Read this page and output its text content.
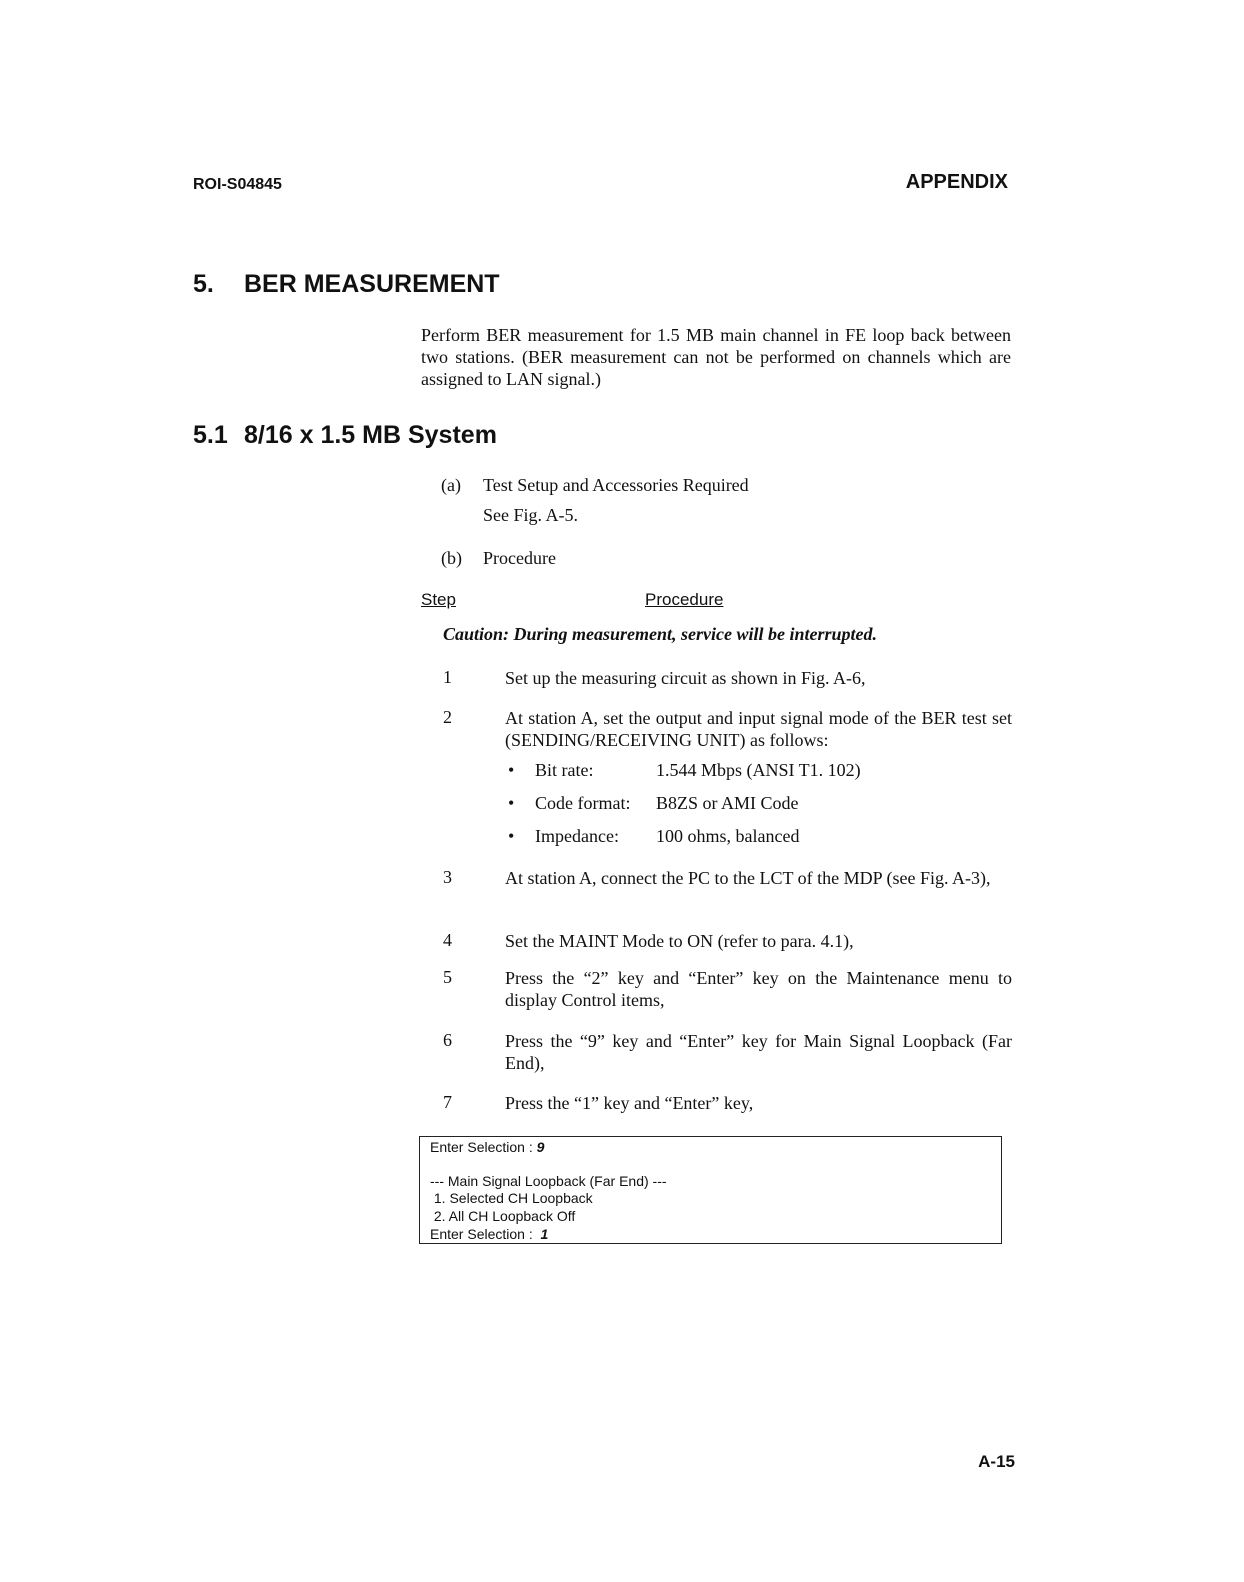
ROI-S04845	APPENDIX
5. BER MEASUREMENT
Perform BER measurement for 1.5 MB main channel in FE loop back between two stations. (BER measurement can not be performed on channels which are assigned to LAN signal.)
5.1 8/16 x 1.5 MB System
(a) Test Setup and Accessories Required
See Fig. A-5.
(b) Procedure
Step	Procedure
Caution: During measurement, service will be interrupted.
1	Set up the measuring circuit as shown in Fig. A-6,
2	At station A, set the output and input signal mode of the BER test set (SENDING/RECEIVING UNIT) as follows:
• Bit rate:	1.544 Mbps (ANSI T1. 102)
• Code format: B8ZS or AMI Code
• Impedance: 100 ohms, balanced
3	At station A, connect the PC to the LCT of the MDP (see Fig. A-3),
4	Set the MAINT Mode to ON (refer to para. 4.1),
5	Press the “2” key and “Enter” key on the Maintenance menu to display Control items,
6	Press the “9” key and “Enter” key for Main Signal Loopback (Far End),
7	Press the “1” key and “Enter” key,
Enter Selection : 9
--- Main Signal Loopback (Far End) ---
1. Selected CH Loopback
2. All CH Loopback Off
Enter Selection :  1
A-15
